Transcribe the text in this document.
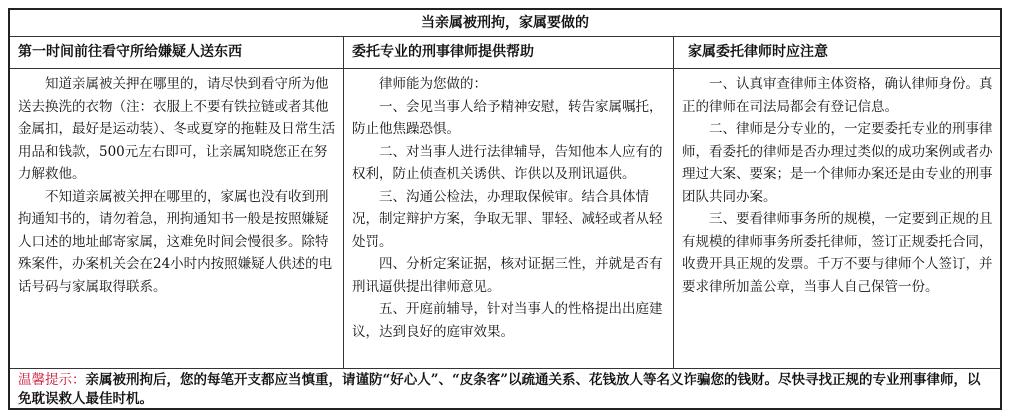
当亲属被刑拘，家属要做的
第一时间前往看守所给嫌疑人送东西	委托专业的刑事律师提供帮助	家属委托律师时应注意

知道亲属被关押在哪里的，请尽快到看守所为他送去换洗的衣物（注：衣服上不要有铁拉链或者其他金属扣，最好是运动装）、冬或夏穿的拖鞋及日常生活用品和钱款，500元左右即可，让亲属知晓您正在努力解救他。

不知道亲属被关押在哪里的，家属也没有收到刑拘通知书的，请勿着急，刑拘通知书一般是按照嫌疑人口述的地址邮寄家属，这难免时间会慢很多。除特殊案件，办案机关会在24小时内按照嫌疑人供述的电话号码与家属取得联系。

律师能为您做的：

一、会见当事人给予精神安慰，转告家属嘱托，防止他焦躁恐惧。

二、对当事人进行法律辅导，告知他本人应有的权利，防止侦查机关诱供、诈供以及刑讯逼供。

三、沟通公检法，办理取保候审。结合具体情况，制定辩护方案，争取无罪、罪轻、减轻或者从轻处罚。

四、分析定案证据，核对证据三性，并就是否有刑讯逼供提出律师意见。

五、开庭前辅导，针对当事人的性格提出出庭建议，达到良好的庭审效果。

一、认真审查律师主体资格，确认律师身份。真正的律师在司法局都会有登记信息。

二、律师是分专业的，一定要委托专业的刑事律师，看委托的律师是否办理过类似的成功案例或者办理过大案、要案；是一个律师办案还是由专业的刑事团队共同办案。

三、要看律师事务所的规模，一定要到正规的且有规模的律师事务所委托律师，签订正规委托合同，收费开具正规的发票。千万不要与律师个人签订，并要求律所加盖公章，当事人自己保管一份。

温馨提示：亲属被刑拘后，您的每笔开支都应当慎重，请谨防“好心人”、“皮条客”以疏通关系、花钱放人等名义诈骗您的钱财。尽快寻找正规的专业刑事律师，以免耽误救人最佳时机。
